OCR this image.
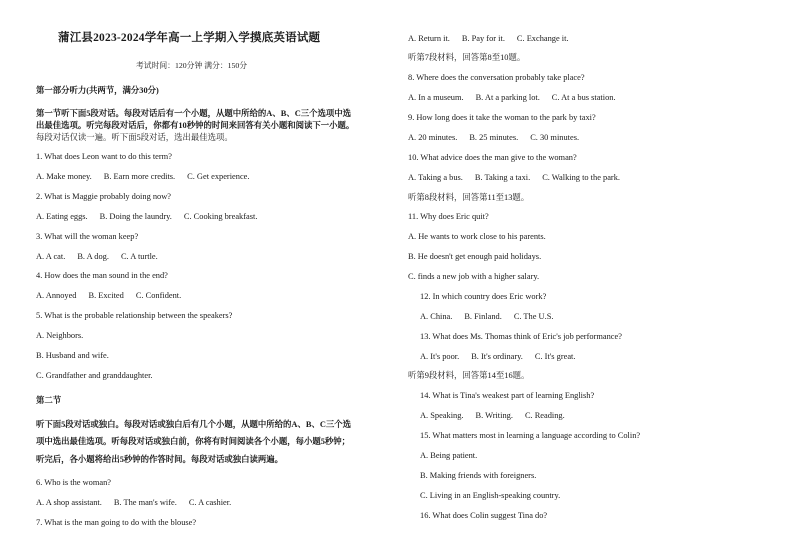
蒲江县2023-2024学年高一上学期入学摸底英语试题
考试时间：120分钟 满分：150分
第一部分听力(共两节，满分30分)
第一节听下面5段对话。每段对话后有一个小题，从题中所给的A、B、C三个选项中选
出最佳选项。听完每段对话后，你都有10秒钟的时间来回答有关小题和阅读下一小题。
每段对话仅读一遍。听下面5段对话，选出最佳选项。
1. What does Leon want to do this term?
A. Make money. B. Earn more credits. C. Get experience.
2. What is Maggie probably doing now?
A. Eating eggs. B. Doing the laundry. C. Cooking breakfast.
3. What will the woman keep?
A. A cat. B. A dog. C. A turtle.
4. How does the man sound in the end?
A. Annoyed B. Excited C. Confident.
5. What is the probable relationship between the speakers?
A. Neighbors.
B. Husband and wife.
C. Grandfather and granddaughter.
第二节
听下面5段对话或独白。每段对话或独白后有几个小题，从题中所给的A、B、C三个选
项中选出最佳选项。听每段对话或独白前，你将有时间阅读各个小题，每小题5秒钟；
听完后，各小题将给出5秒钟的作答时间。每段对话或独白读两遍。
6. Who is the woman?
A. A shop assistant. B. The man's wife. C. A cashier.
7. What is the man going to do with the blouse?
A. Return it. B. Pay for it. C. Exchange it.
听第7段材料，回答第8至10题。
8. Where does the conversation probably take place?
A. In a museum. B. At a parking lot. C. At a bus station.
9. How long does it take the woman to the park by taxi?
A. 20 minutes. B. 25 minutes. C. 30 minutes.
10. What advice does the man give to the woman?
A. Taking a bus. B. Taking a taxi. C. Walking to the park.
听第8段材料，回答第11至13题。
11. Why does Eric quit?
A. He wants to work close to his parents.
B. He doesn't get enough paid holidays.
C. finds a new job with a higher salary.
12. In which country does Eric work?
A. China. B. Finland. C. The U.S.
13. What does Ms. Thomas think of Eric's job performance?
A. It's poor. B. It's ordinary. C. It's great.
听第9段材料，回答第14至16题。
14. What is Tina's weakest part of learning English?
A. Speaking. B. Writing. C. Reading.
15. What matters most in learning a language according to Colin?
A. Being patient.
B. Making friends with foreigners.
C. Living in an English-speaking country.
16. What does Colin suggest Tina do?
